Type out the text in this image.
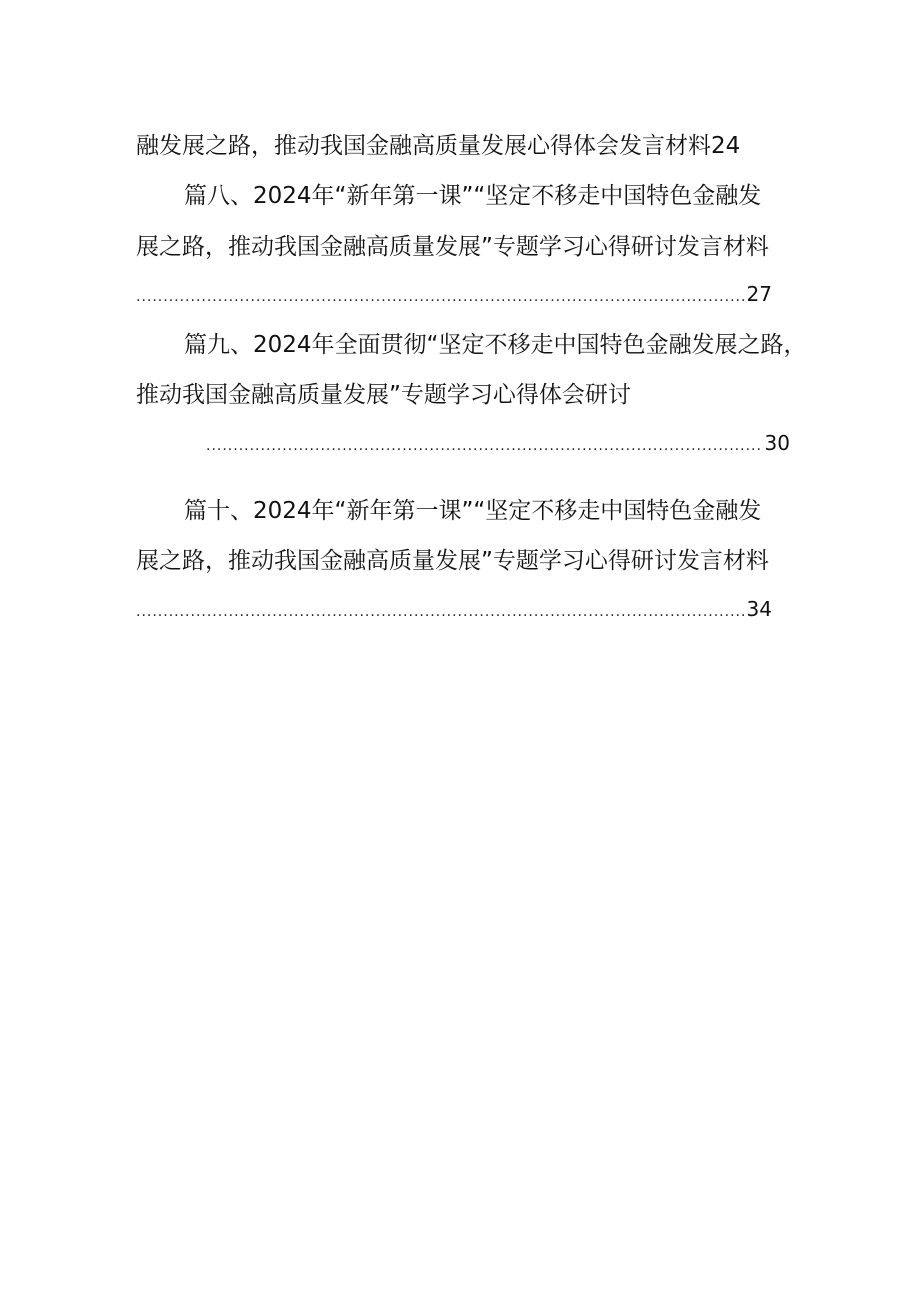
融发展之路，推动我国金融高质量发展心得体会发言材料24
篇八、2024年“新年第一课”“坚定不移走中国特色金融发
展之路，推动我国金融高质量发展”专题学习心得研讨发言材料
.....
27
篇九、2024年全面贯彻“坚定不移走中国特色金融发展之路，
推动我国金融高质量发展”专题学习心得体会研讨
.....
30
篇十、2024年“新年第一课”“坚定不移走中国特色金融发
展之路，推动我国金融高质量发展”专题学习心得研讨发言材料
.....
34
